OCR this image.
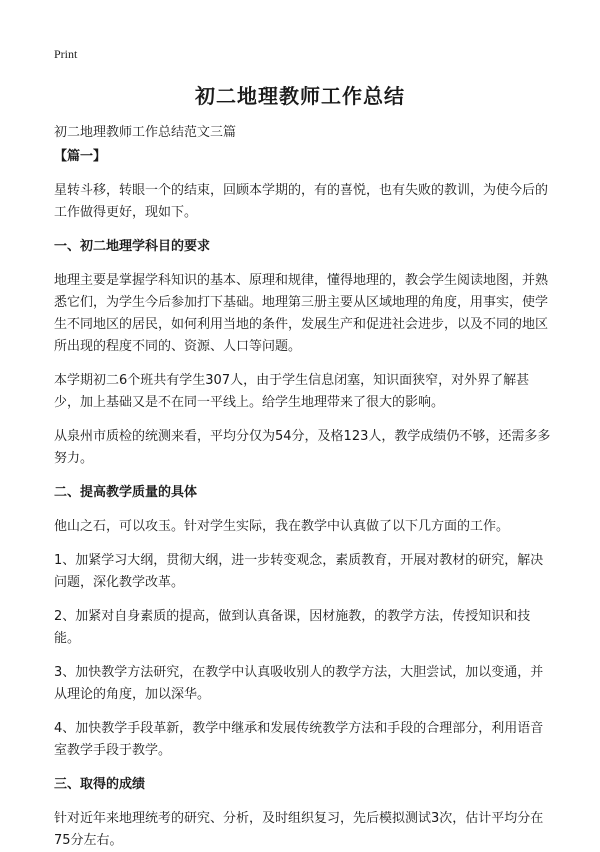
Print
初二地理教师工作总结
初二地理教师工作总结范文三篇

【篇一】

星转斗移，转眼一个的结束，回顾本学期的，有的喜悦，也有失败的教训，为使今后的工作做得更好，现如下。

一、初二地理学科目的要求

地理主要是掌握学科知识的基本、原理和规律，懂得地理的，教会学生阅读地图，并熟悉它们，为学生今后参加打下基础。地理第三册主要从区域地理的角度，用事实，使学生不同地区的居民，如何利用当地的条件，发展生产和促进社会进步，以及不同的地区所出现的程度不同的、资源、人口等问题。

本学期初二6个班共有学生307人，由于学生信息闭塞，知识面狭窄，对外界了解甚少，加上基础又是不在同一平线上。给学生地理带来了很大的影响。

从泉州市质检的统测来看，平均分仅为54分，及格123人，教学成绩仍不够，还需多多努力。

二、提高教学质量的具体

他山之石，可以攻玉。针对学生实际，我在教学中认真做了以下几方面的工作。

1、加紧学习大纲，贯彻大纲，进一步转变观念，素质教育，开展对教材的研究，解决问题，深化教学改革。

2、加紧对自身素质的提高，做到认真备课，因材施教，的教学方法，传授知识和技能。

3、加快教学方法研究，在教学中认真吸收别人的教学方法，大胆尝试，加以变通，并从理论的角度，加以深华。

4、加快教学手段革新，教学中继承和发展传统教学方法和手段的合理部分，利用语音室教学手段于教学。

三、取得的成绩

针对近年来地理统考的研究、分析，及时组织复习，先后模拟测试3次，估计平均分在75分左右。
